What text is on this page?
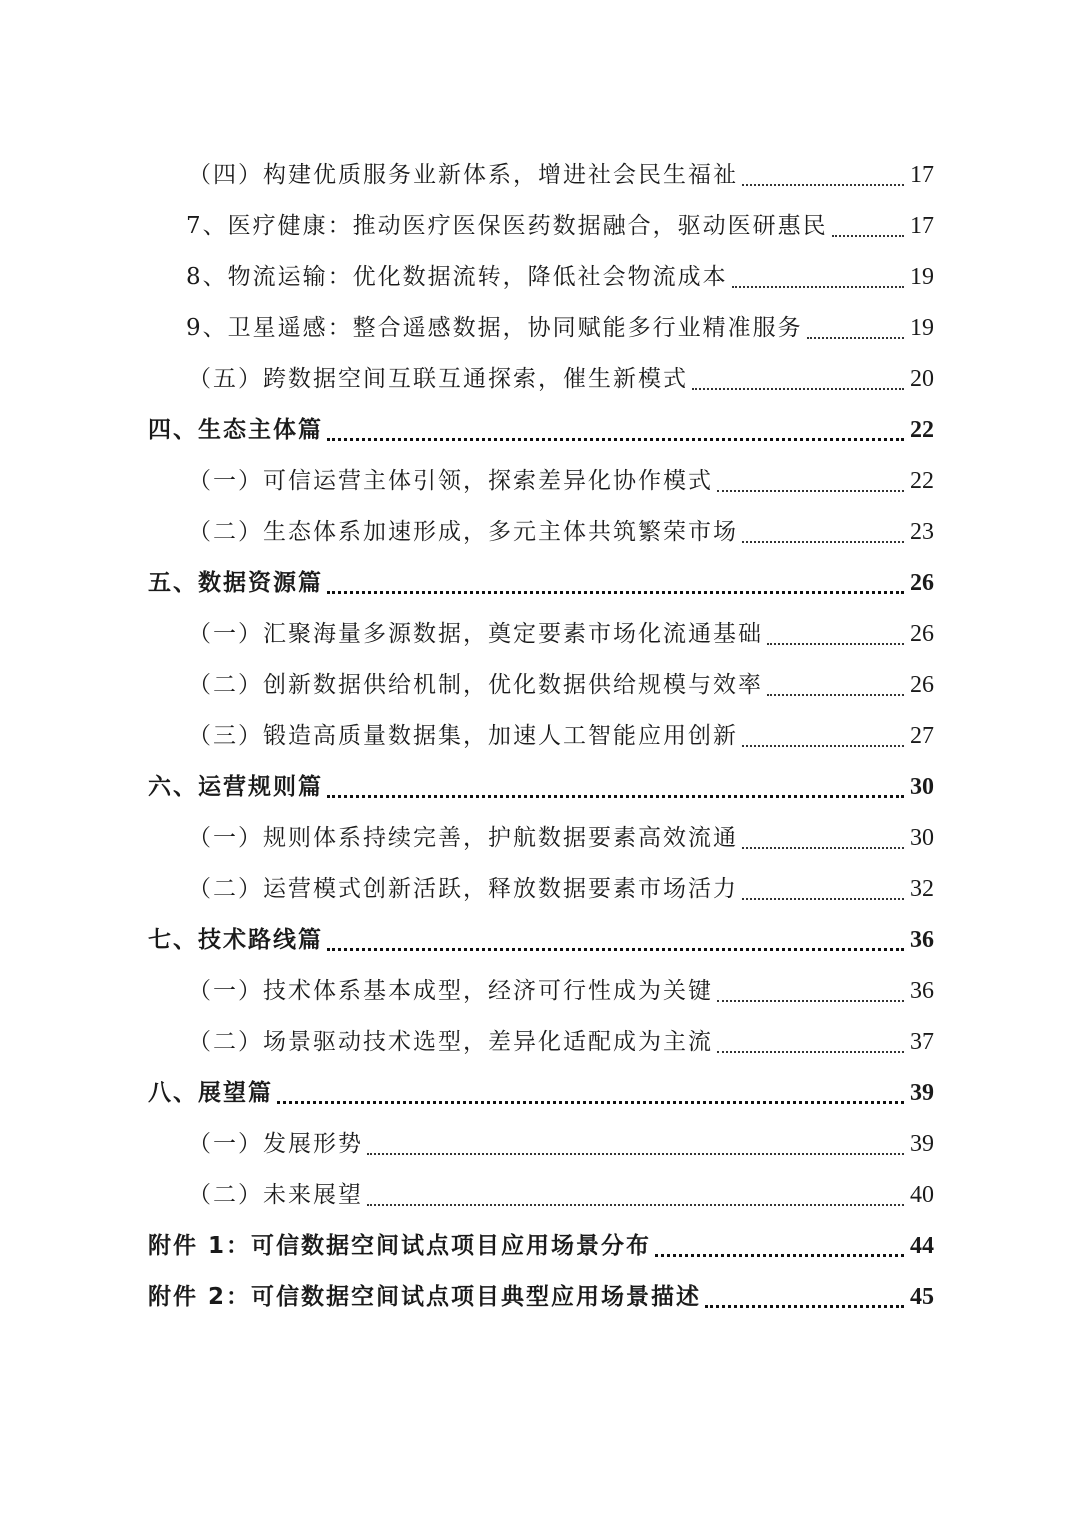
（四）构建优质服务业新体系，增进社会民生福祉	17
7、医疗健康：推动医疗医保医药数据融合，驱动医研惠民	17
8、物流运输：优化数据流转，降低社会物流成本	19
9、卫星遥感：整合遥感数据，协同赋能多行业精准服务	19
（五）跨数据空间互联互通探索，催生新模式	20
四、生态主体篇	22
（一）可信运营主体引领，探索差异化协作模式	22
（二）生态体系加速形成，多元主体共筑繁荣市场	23
五、数据资源篇	26
（一）汇聚海量多源数据，奠定要素市场化流通基础	26
（二）创新数据供给机制，优化数据供给规模与效率	26
（三）锻造高质量数据集，加速人工智能应用创新	27
六、运营规则篇	30
（一）规则体系持续完善，护航数据要素高效流通	30
（二）运营模式创新活跃，释放数据要素市场活力	32
七、技术路线篇	36
（一）技术体系基本成型，经济可行性成为关键	36
（二）场景驱动技术选型，差异化适配成为主流	37
八、展望篇	39
（一）发展形势	39
（二）未来展望	40
附件 1：可信数据空间试点项目应用场景分布	44
附件 2：可信数据空间试点项目典型应用场景描述	45
